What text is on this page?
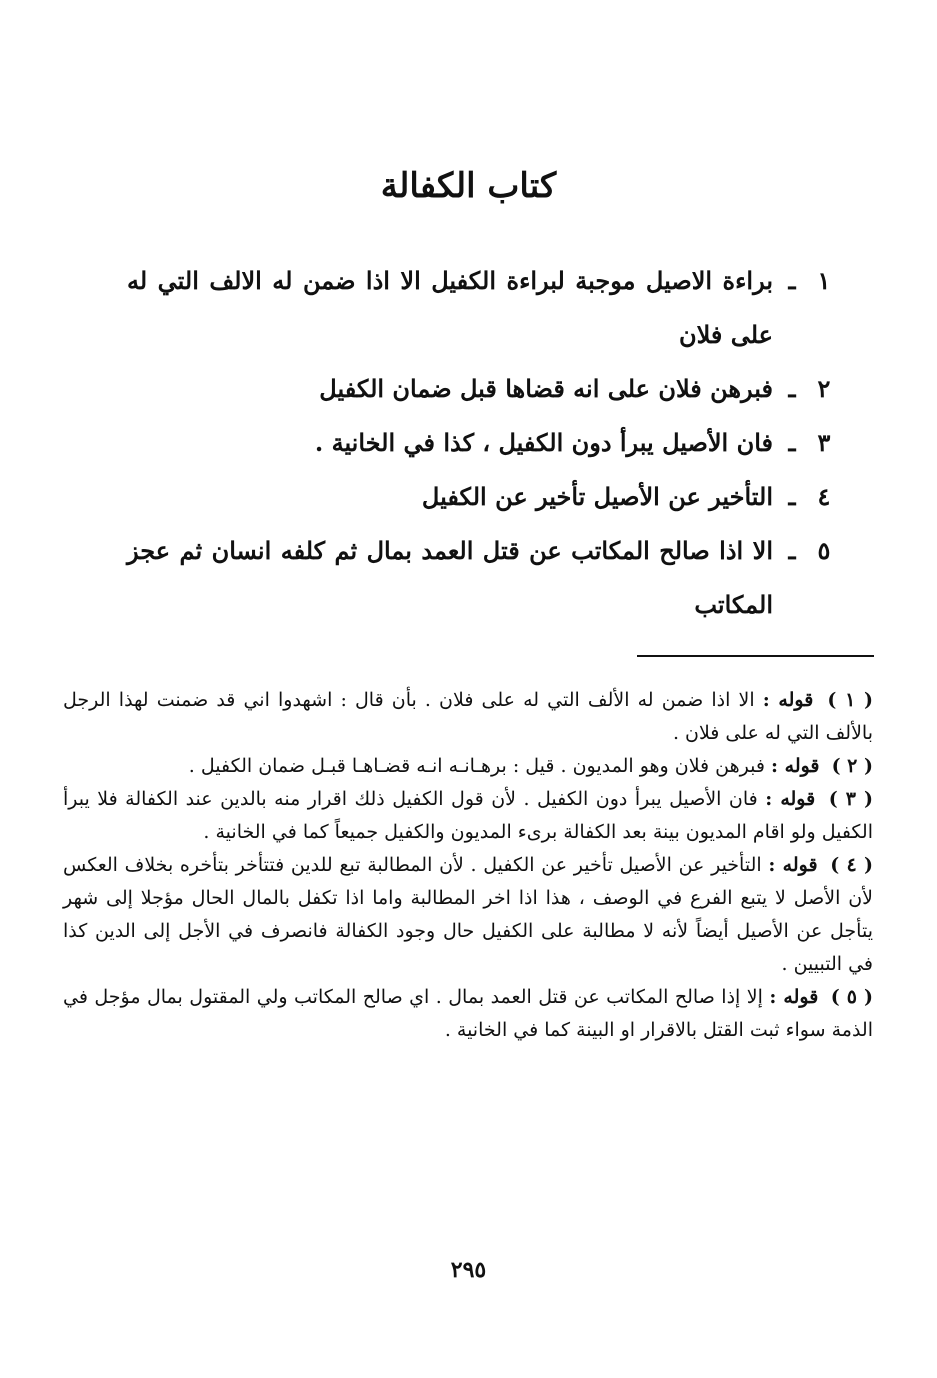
كتاب الكفالة
١
ـ
براءة الاصيل موجبة لبراءة الكفيل الا اذا ضمن له الالف التي له على فلان
٢
ـ
فبرهن فلان على انه قضاها قبل ضمان الكفيل
٣
ـ
فان الأصيل يبرأ دون الكفيل ، كذا في الخانية .
٤
ـ
التأخير عن الأصيل تأخير عن الكفيل
٥
ـ
الا اذا صالح المكاتب عن قتل العمد بمال ثم كلفه انسان ثم عجز المكاتب
( ١ ) قوله : الا اذا ضمن له الألف التي له على فلان . بأن قال : اشهدوا اني قد ضمنت لهذا الرجل بالألف التي له على فلان .
( ٢ ) قوله : فبرهن فلان وهو المديون . قيل : برهـانـه انـه قضـاهـا قبـل ضمان الكفيل .
( ٣ ) قوله : فان الأصيل يبرأ دون الكفيل . لأن قول الكفيل ذلك اقرار منه بالدين عند الكفالة فلا يبرأ الكفيل ولو اقام المديون بينة بعد الكفالة برىء المديون والكفيل جميعاً كما في الخانية .
( ٤ ) قوله : التأخير عن الأصيل تأخير عن الكفيل . لأن المطالبة تبع للدين فتتأخر بتأخره بخلاف العكس لأن الأصل لا يتبع الفرع في الوصف ، هذا اذا اخر المطالبة واما اذا تكفل بالمال الحال مؤجلا إلى شهر يتأجل عن الأصيل أيضاً لأنه لا مطالبة على الكفيل حال وجود الكفالة فانصرف في الأجل إلى الدين كذا في التبيين .
( ٥ ) قوله : إلا إذا صالح المكاتب عن قتل العمد بمال . اي صالح المكاتب ولي المقتول بمال مؤجل في الذمة سواء ثبت القتل بالاقرار او البينة كما في الخانية .
٢٩٥
